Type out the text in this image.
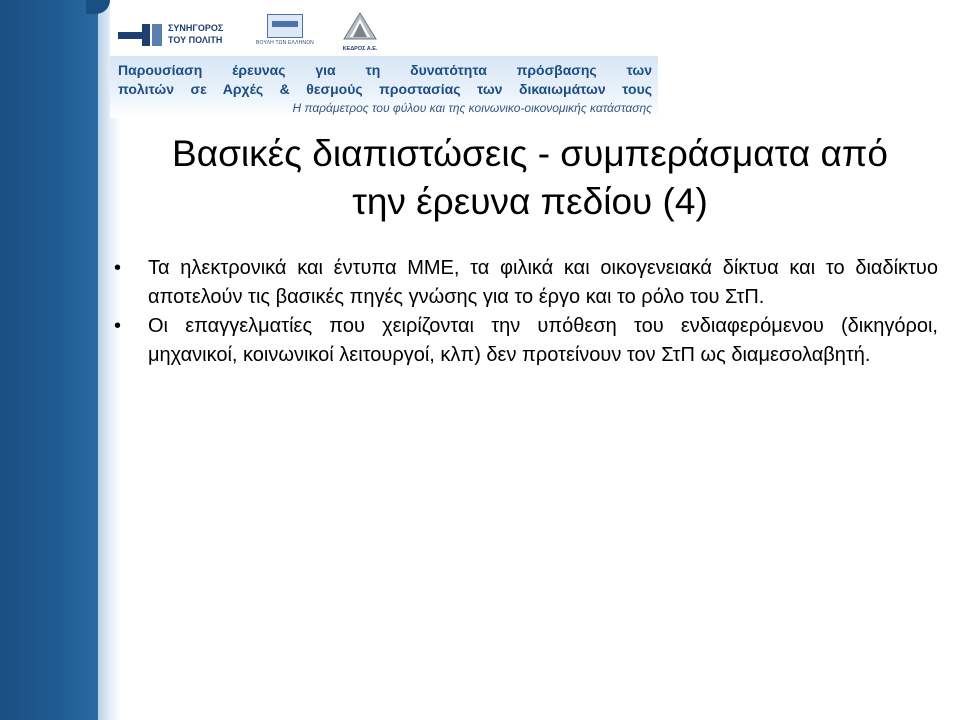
ΣΥΝΗΓΟΡΟΣ
ΤΟΥ ΠΟΛΙΤΗ	ΒΟΥΛΗ ΤΩΝ ΕΛΛΗΝΩΝ
ΚΕΔΡΟΣ Α.Ε.
Παρουσίαση έρευνας για τη δυνατότητα πρόσβασης των
πολιτών σε Αρχές & θεσμούς προστασίας των δικαιωμάτων τους
Η παράμετρος του φύλου και της κοινωνικο-οικονομικής κατάστασης
Βασικές διαπιστώσεις - συμπεράσματα από
την έρευνα πεδίου (4)
• Τα ηλεκτρονικά και έντυπα ΜΜΕ, τα φιλικά και οικογενειακά δίκτυα και το διαδίκτυο αποτελούν τις βασικές πηγές γνώσης για το έργο και το ρόλο του ΣτΠ.
• Οι επαγγελματίες που χειρίζονται την υπόθεση του ενδιαφερόμενου (δικηγόροι, μηχανικοί, κοινωνικοί λειτουργοί, κλπ) δεν προτείνουν τον ΣτΠ ως διαμεσολαβητή.
